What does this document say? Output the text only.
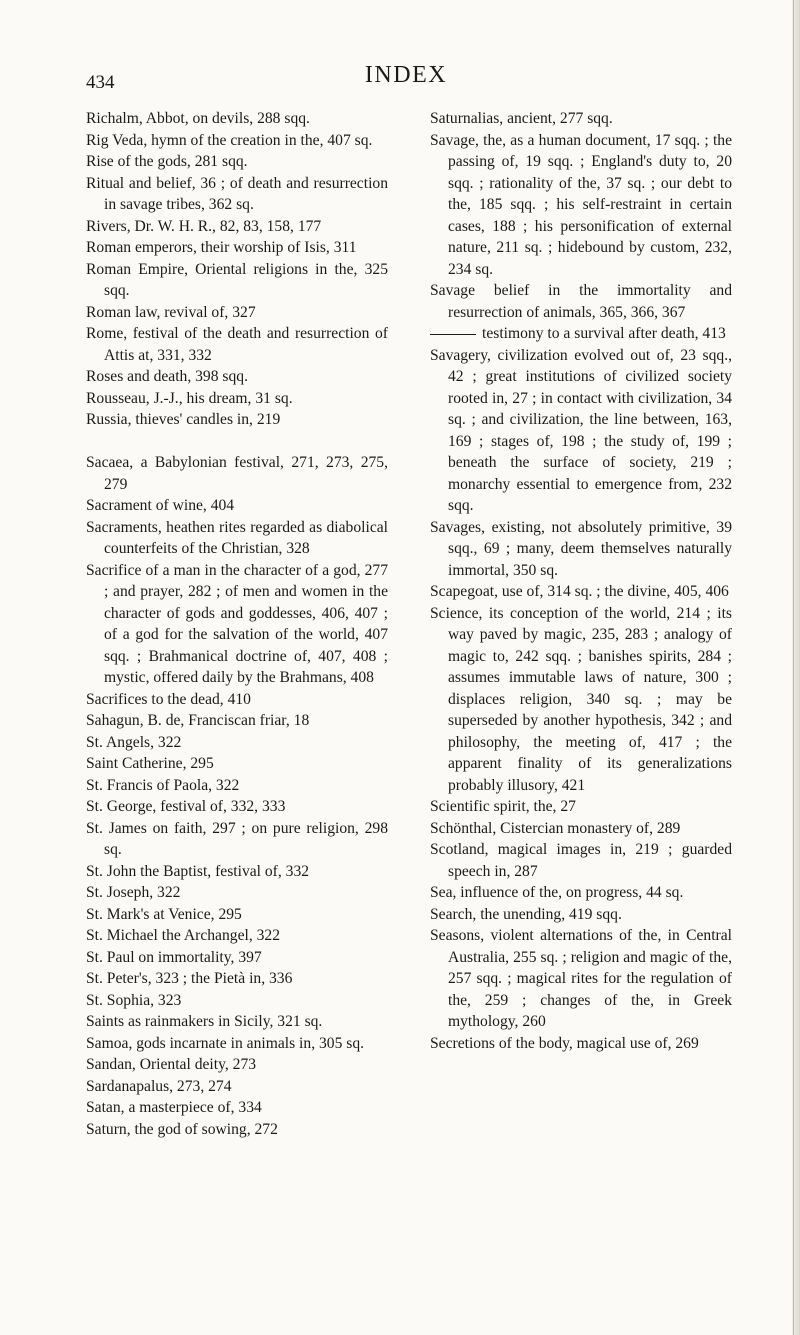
434	INDEX

Richalm, Abbot, on devils, 288 sqq.

Rig Veda, hymn of the creation in the, 407 sq.

Rise of the gods, 281 sqq.

Ritual and belief, 36 ; of death and resurrection in savage tribes, 362 sq.

Rivers, Dr. W. H. R., 82, 83, 158, 177

Roman emperors, their worship of Isis, 311

Roman Empire, Oriental religions in the, 325 sqq.

Roman law, revival of, 327

Rome, festival of the death and resurrection of Attis at, 331, 332

Roses and death, 398 sqq.

Rousseau, J.-J., his dream, 31 sq.

Russia, thieves' candles in, 219

Sacaea, a Babylonian festival, 271, 273, 275, 279

Sacrament of wine, 404

Sacraments, heathen rites regarded as diabolical counterfeits of the Christian, 328

Sacrifice of a man in the character of a god, 277 ; and prayer, 282 ; of men and women in the character of gods and goddesses, 406, 407 ; of a god for the salvation of the world, 407 sqq. ; Brahmanical doctrine of, 407, 408 ; mystic, offered daily by the Brahmans, 408

Sacrifices to the dead, 410

Sahagun, B. de, Franciscan friar, 18

St. Angels, 322

Saint Catherine, 295

St. Francis of Paola, 322

St. George, festival of, 332, 333

St. James on faith, 297 ; on pure religion, 298 sq.

St. John the Baptist, festival of, 332

St. Joseph, 322

St. Mark's at Venice, 295

St. Michael the Archangel, 322

St. Paul on immortality, 397

St. Peter's, 323 ; the Pietà in, 336

St. Sophia, 323

Saints as rainmakers in Sicily, 321 sq.

Samoa, gods incarnate in animals in, 305 sq.

Sandan, Oriental deity, 273

Sardanapalus, 273, 274

Satan, a masterpiece of, 334

Saturn, the god of sowing, 272

Saturnalias, ancient, 277 sqq.

Savage, the, as a human document, 17 sqq. ; the passing of, 19 sqq. ; England's duty to, 20 sqq. ; rationality of the, 37 sq. ; our debt to the, 185 sqq. ; his self-restraint in certain cases, 188 ; his personification of external nature, 211 sq. ; hidebound by custom, 232, 234 sq.

Savage belief in the immortality and resurrection of animals, 365, 366, 367

testimony to a survival after death, 413

Savagery, civilization evolved out of, 23 sqq., 42 ; great institutions of civilized society rooted in, 27 ; in contact with civilization, 34 sq. ; and civilization, the line between, 163, 169 ; stages of, 198 ; the study of, 199 ; beneath the surface of society, 219 ; monarchy essential to emergence from, 232 sqq.

Savages, existing, not absolutely primitive, 39 sqq., 69 ; many, deem themselves naturally immortal, 350 sq.

Scapegoat, use of, 314 sq. ; the divine, 405, 406

Science, its conception of the world, 214 ; its way paved by magic, 235, 283 ; analogy of magic to, 242 sqq. ; banishes spirits, 284 ; assumes immutable laws of nature, 300 ; displaces religion, 340 sq. ; may be superseded by another hypothesis, 342 ; and philosophy, the meeting of, 417 ; the apparent finality of its generalizations probably illusory, 421

Scientific spirit, the, 27

Schönthal, Cistercian monastery of, 289

Scotland, magical images in, 219 ; guarded speech in, 287

Sea, influence of the, on progress, 44 sq.

Search, the unending, 419 sqq.

Seasons, violent alternations of the, in Central Australia, 255 sq. ; religion and magic of the, 257 sqq. ; magical rites for the regulation of the, 259 ; changes of the, in Greek mythology, 260

Secretions of the body, magical use of, 269
